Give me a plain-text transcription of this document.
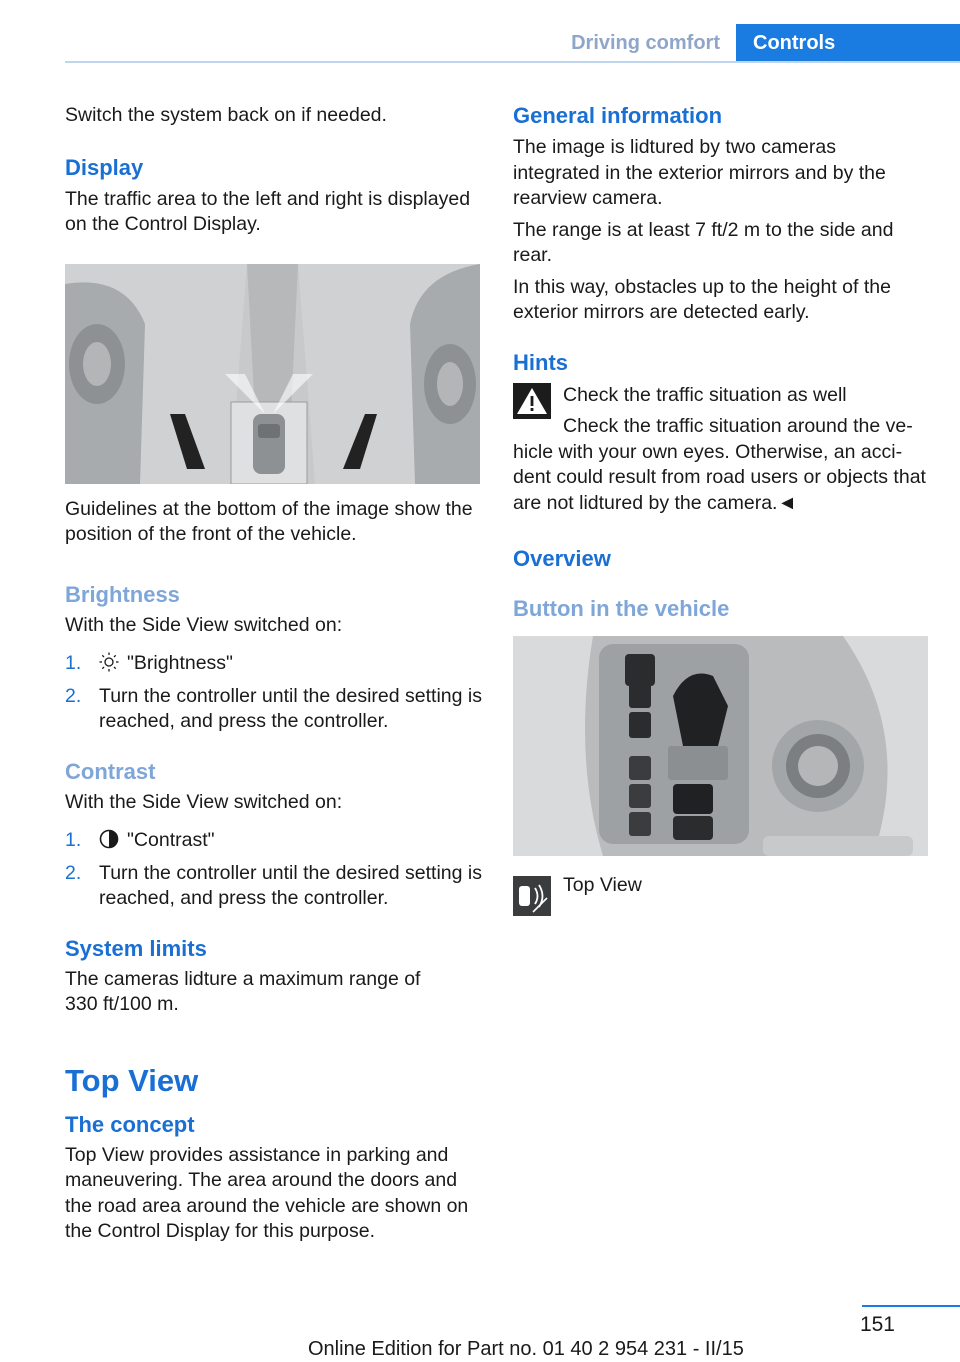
Driving comfort	Controls

Switch the system back on if needed.

Display

The traffic area to the left and right is displayed on the Control Display.

Guidelines at the bottom of the image show the position of the front of the vehicle.

Brightness

With the Side View switched on:

1. "Brightness"
2. Turn the controller until the desired setting is reached, and press the controller.
Contrast

With the Side View switched on:

1. "Contrast"
2. Turn the controller until the desired setting is reached, and press the controller.
System limits

The cameras lidture a maximum range of 330 ft/100 m.

Top View
The concept

Top View provides assistance in parking and maneuvering. The area around the doors and the road area around the vehicle are shown on the Control Display for this purpose.

General information

The image is lidtured by two cameras integrated in the exterior mirrors and by the rearview camera.

The range is at least 7 ft/2 m to the side and rear.

In this way, obstacles up to the height of the exterior mirrors are detected early.

Hints

Check the traffic situation as well

Check the traffic situation around the ve‐

hicle with your own eyes. Otherwise, an acci‐dent could result from road users or objects that are not lidtured by the camera.◄

Overview
Button in the vehicle

Top View

151
Online Edition for Part no. 01 40 2 954 231 - II/15
